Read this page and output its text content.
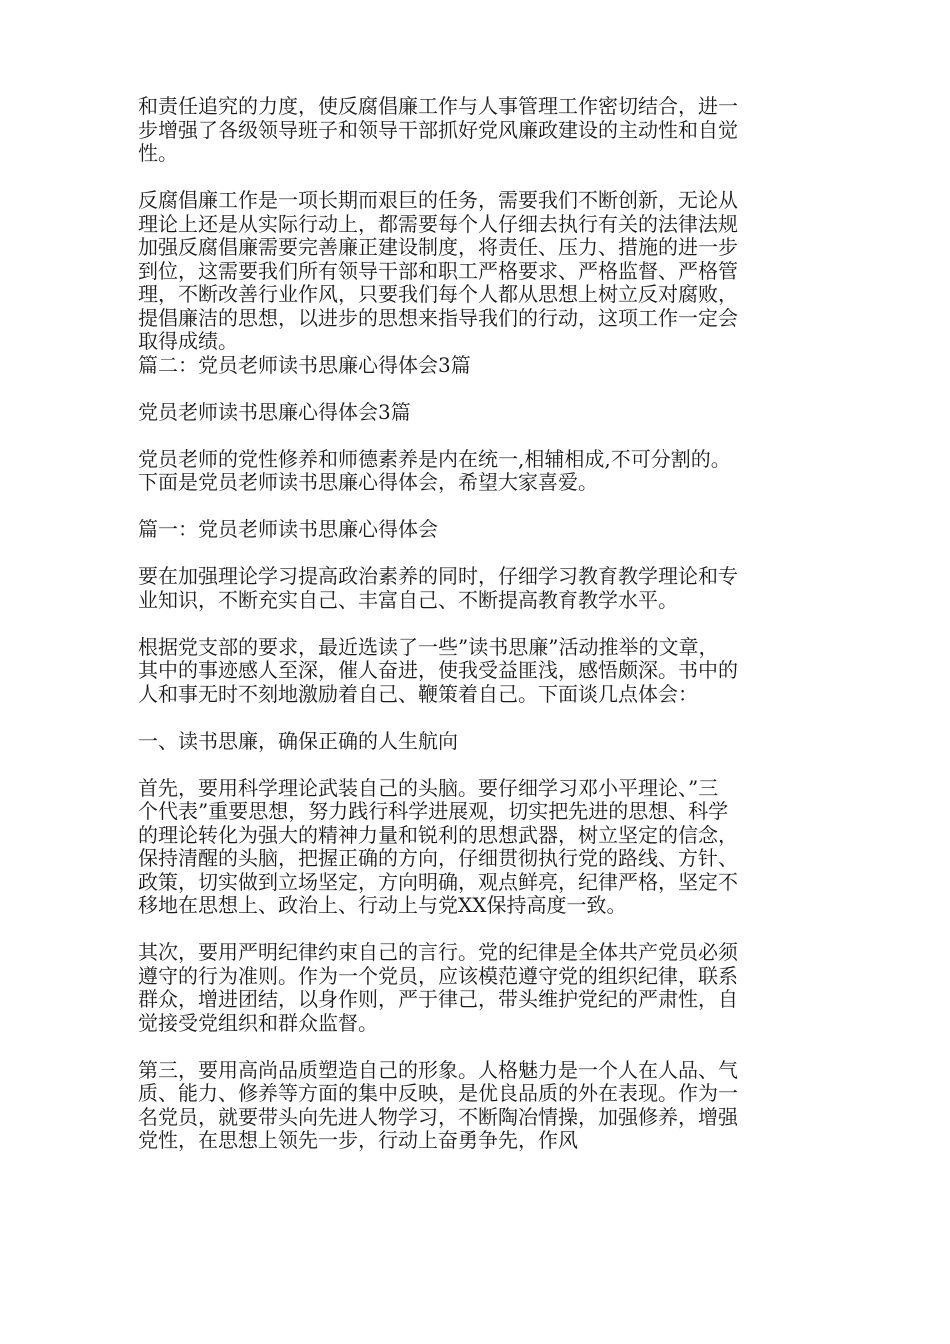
和责任追究的力度，使反腐倡廉工作与人事管理工作密切结合，进一
步增强了各级领导班子和领导干部抓好党风廉政建设的主动性和自觉
性。
反腐倡廉工作是一项长期而艰巨的任务，需要我们不断创新，无论从
理论上还是从实际行动上，都需要每个人仔细去执行有关的法律法规
加强反腐倡廉需要完善廉正建设制度，将责任、压力、措施的进一步
到位，这需要我们所有领导干部和职工严格要求、严格监督、严格管
理，不断改善行业作风，只要我们每个人都从思想上树立反对腐败，
提倡廉洁的思想，以进步的思想来指导我们的行动，这项工作一定会
取得成绩。
篇二：党员老师读书思廉心得体会3篇
党员老师读书思廉心得体会3篇
党员老师的党性修养和师德素养是内在统一,相辅相成,不可分割的。
下面是党员老师读书思廉心得体会，希望大家喜爱。
篇一：党员老师读书思廉心得体会
要在加强理论学习提高政治素养的同时，仔细学习教育教学理论和专
业知识，不断充实自己、丰富自己、不断提高教育教学水平。
根据党支部的要求，最近选读了一些”读书思廉”活动推举的文章，
其中的事迹感人至深，催人奋进，使我受益匪浅，感悟颇深。书中的
人和事无时不刻地激励着自己、鞭策着自己。下面谈几点体会：
一、读书思廉，确保正确的人生航向
首先，要用科学理论武装自己的头脑。要仔细学习邓小平理论、”三
个代表”重要思想，努力践行科学进展观，切实把先进的思想、科学
的理论转化为强大的精神力量和锐利的思想武器，树立坚定的信念，
保持清醒的头脑，把握正确的方向，仔细贯彻执行党的路线、方针、
政策，切实做到立场坚定，方向明确，观点鲜亮，纪律严格，坚定不
移地在思想上、政治上、行动上与党XX保持高度一致。
其次，要用严明纪律约束自己的言行。党的纪律是全体共产党员必须
遵守的行为准则。作为一个党员，应该模范遵守党的组织纪律，联系
群众，增进团结，以身作则，严于律己，带头维护党纪的严肃性，自
觉接受党组织和群众监督。
第三，要用高尚品质塑造自己的形象。人格魅力是一个人在人品、气
质、能力、修养等方面的集中反映，是优良品质的外在表现。作为一
名党员，就要带头向先进人物学习，不断陶冶情操，加强修养，增强
党性，在思想上领先一步，行动上奋勇争先，作风
